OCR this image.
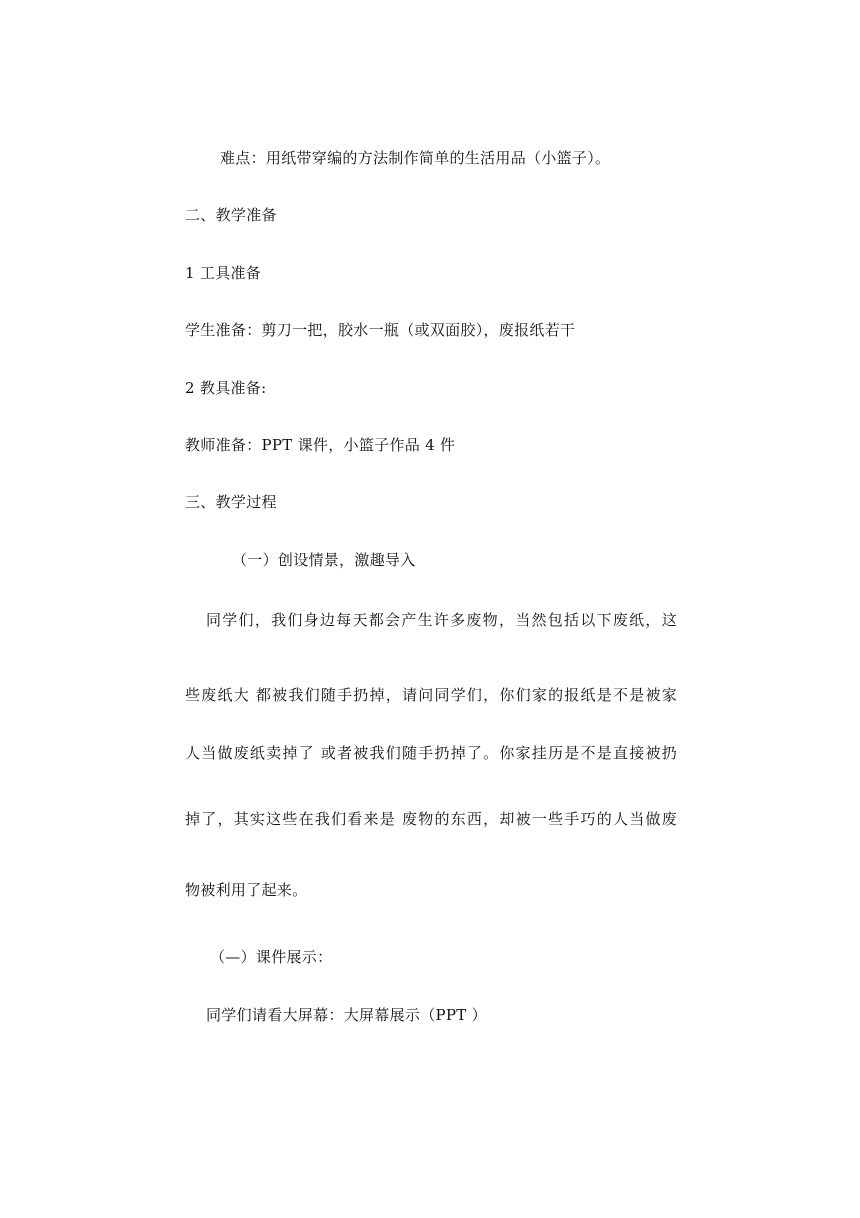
难点：用纸带穿编的方法制作简单的生活用品（小篮子）。
二、教学准备
1 工具准备
学生准备：剪刀一把，胶水一瓶（或双面胶），废报纸若干
2 教具准备:
教师准备：PPT 课件，小篮子作品 4 件
三、教学过程
（一）创设情景，激趣导入
同学们，我们身边每天都会产生许多废物，当然包括以下废纸，这
些废纸大 都被我们随手扔掉，请问同学们，你们家的报纸是不是被家
人当做废纸卖掉了 或者被我们随手扔掉了。你家挂历是不是直接被扔
掉了，其实这些在我们看来是 废物的东西，却被一些手巧的人当做废
物被利用了起来。
（—）课件展示：
同学们请看大屏幕：大屏幕展示（PPT ）
